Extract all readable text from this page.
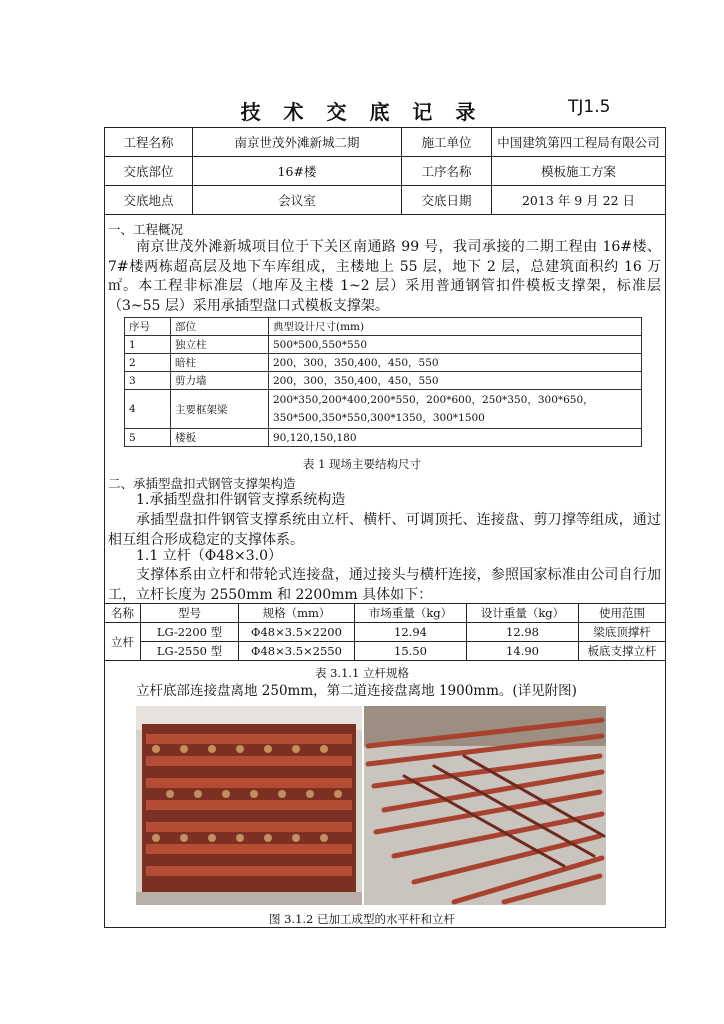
技 术 交 底 记 录	TJ1.5
工程名称	南京世茂外滩新城二期	施工单位	中国建筑第四工程局有限公司
交底部位	16#楼	工序名称	模板施工方案
交底地点	会议室	交底日期	2013 年 9 月 22 日
一、工程概况
南京世茂外滩新城项目位于下关区南通路 99 号，我司承接的二期工程由 16#楼、7#楼两栋超高层及地下车库组成，主楼地上 55 层，地下 2 层，总建筑面积约 16 万㎡。本工程非标准层（地库及主楼 1~2 层）采用普通钢管扣件模板支撑架，标准层（3~55 层）采用承插型盘口式模板支撑架。
序号	部位	典型设计尺寸(mm)
1	独立柱	500*500,550*550
2	暗柱	200，300，350,400，450，550
3	剪力墙	200，300，350,400，450，550
4	主要框架梁	200*350,200*400,200*550，200*600，250*350，300*650，350*500,350*550,300*1350，300*1500
5	楼板	90,120,150,180
表 1 现场主要结构尺寸
二、承插型盘扣式钢管支撑架构造
1.承插型盘扣件钢管支撑系统构造
承插型盘扣件钢管支撑系统由立杆、横杆、可调顶托、连接盘、剪刀撑等组成，通过相互组合形成稳定的支撑体系。
1.1 立杆（Φ48×3.0）
支撑体系由立杆和带轮式连接盘，通过接头与横杆连接，参照国家标准由公司自行加工，立杆长度为 2550mm 和 2200mm 具体如下：
名称	型号	规格（mm）	市场重量（kg）	设计重量（kg）	使用范围
立杆	LG-2200 型	Φ48×3.5×2200	12.94	12.98	梁底顶撑杆
	LG-2550 型	Φ48×3.5×2550	15.50	14.90	板底支撑立杆
表 3.1.1 立杆规格
立杆底部连接盘离地 250mm，第二道连接盘离地 1900mm。(详见附图)
图 3.1.2 已加工成型的水平杆和立杆
